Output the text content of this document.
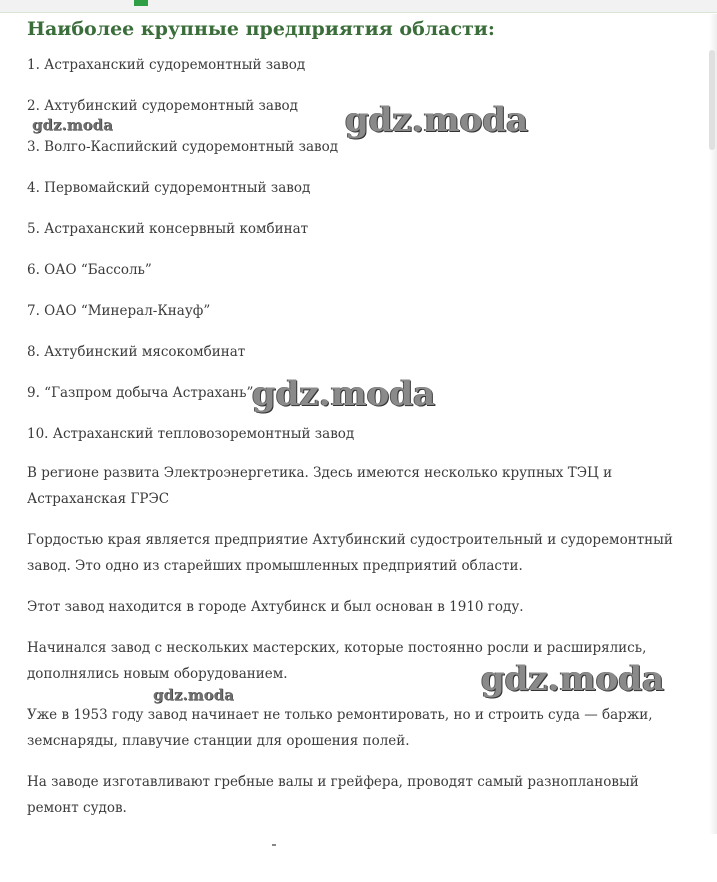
Наиболее крупные предприятия области:
1. Астраханский судоремонтный завод
2. Ахтубинский судоремонтный завод
3. Волго-Каспийский судоремонтный завод
4. Первомайский судоремонтный завод
5. Астраханский консервный комбинат
6. ОАО “Бассоль”
7. ОАО “Минерал-Кнауф”
8. Ахтубинский мясокомбинат
9. “Газпром добыча Астрахань”
10. Астраханский тепловозоремонтный завод

В регионе развита Электроэнергетика. Здесь имеются несколько крупных ТЭЦ и Астраханская ГРЭС

Гордостью края является предприятие Ахтубинский судостроительный и судоремонтный завод. Это одно из старейших промышленных предприятий области.

Этот завод находится в городе Ахтубинск и был основан в 1910 году.

Начинался завод с нескольких мастерских, которые постоянно росли и расширялись, дополнялись новым оборудованием.

Уже в 1953 году завод начинает не только ремонтировать, но и строить суда — баржи, земснаряды, плавучие станции для орошения полей.

На заводе изготавливают гребные валы и грейфера, проводят самый разноплановый ремонт судов.

gdz.moda	gdz.moda
gdz.moda
gdz.moda
gdz.moda
